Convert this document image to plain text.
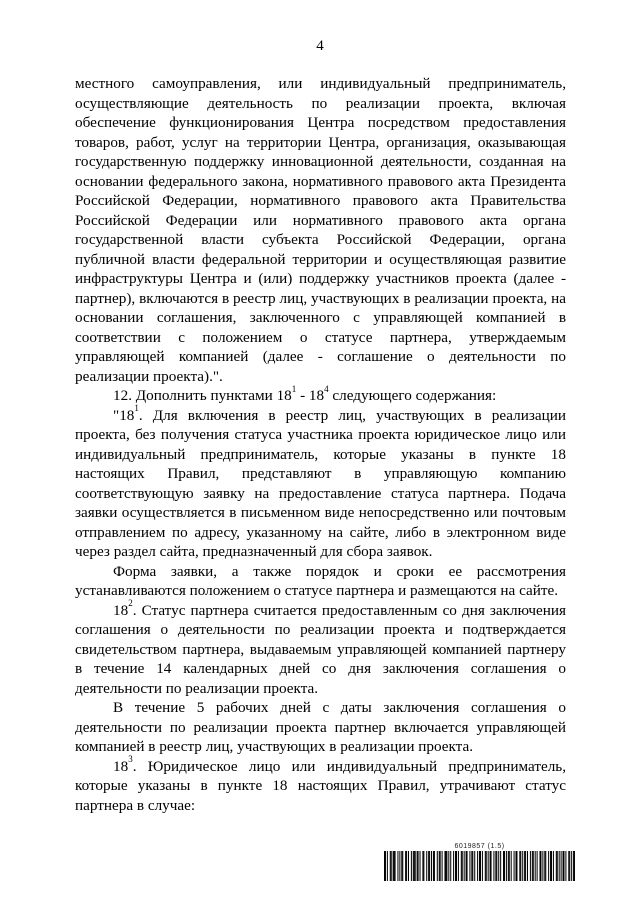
4

местного самоуправления, или индивидуальный предприниматель, осуществляющие деятельность по реализации проекта, включая обеспечение функционирования Центра посредством предоставления товаров, работ, услуг на территории Центра, организация, оказывающая государственную поддержку инновационной деятельности, созданная на основании федерального закона, нормативного правового акта Президента Российской Федерации, нормативного правового акта Правительства Российской Федерации или нормативного правового акта органа государственной власти субъекта Российской Федерации, органа публичной власти федеральной территории и осуществляющая развитие инфраструктуры Центра и (или) поддержку участников проекта (далее - партнер), включаются в реестр лиц, участвующих в реализации проекта, на основании соглашения, заключенного с управляющей компанией в соответствии с положением о статусе партнера, утверждаемым управляющей компанией (далее - соглашение о деятельности по реализации проекта).".

12. Дополнить пунктами $18^1 - 18^4$ следующего содержания:

"$18^1$. Для включения в реестр лиц, участвующих в реализации проекта, без получения статуса участника проекта юридическое лицо или индивидуальный предприниматель, которые указаны в пункте 18 настоящих Правил, представляют в управляющую компанию соответствующую заявку на предоставление статуса партнера. Подача заявки осуществляется в письменном виде непосредственно или почтовым отправлением по адресу, указанному на сайте, либо в электронном виде через раздел сайта, предназначенный для сбора заявок.

Форма заявки, а также порядок и сроки ее рассмотрения устанавливаются положением о статусе партнера и размещаются на сайте.

$18^2$. Статус партнера считается предоставленным со дня заключения соглашения о деятельности по реализации проекта и подтверждается свидетельством партнера, выдаваемым управляющей компанией партнеру в течение 14 календарных дней со дня заключения соглашения о деятельности по реализации проекта.

В течение 5 рабочих дней с даты заключения соглашения о деятельности по реализации проекта партнер включается управляющей компанией в реестр лиц, участвующих в реализации проекта.

$18^3$. Юридическое лицо или индивидуальный предприниматель, которые указаны в пункте 18 настоящих Правил, утрачивают статус партнера в случае:

6019857 (1.5)
